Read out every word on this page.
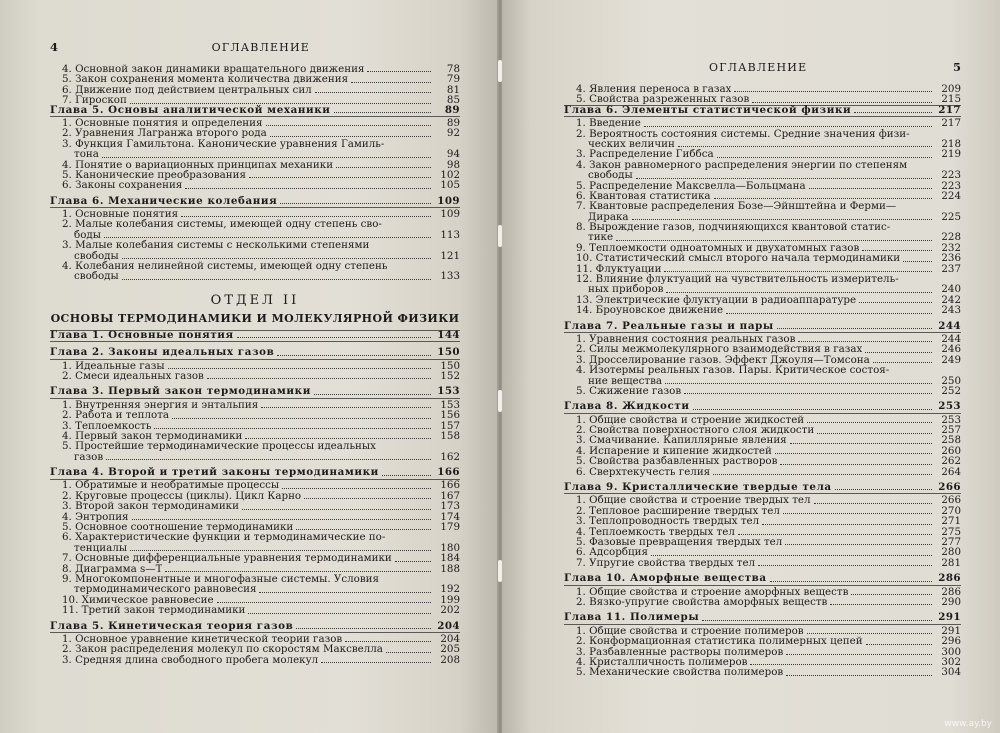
4	ОГЛАВЛЕНИЕ
4. Основной закон динамики вращательного движения	78
5. Закон сохранения момента количества движения	79
6. Движение под действием центральных сил	81
7. Гироскоп	85
Глава 5. Основы аналитической механики	89
1. Основные понятия и определения	89
2. Уравнения Лагранжа второго рода	92
3. Функция Гамильтона. Канонические уравнения Гамиль-
тона	94
4. Понятие о вариационных принципах механики	98
5. Канонические преобразования	102
6. Законы сохранения	105
Глава 6. Механические колебания	109
1. Основные понятия	109
2. Малые колебания системы, имеющей одну степень сво-
боды	113
3. Малые колебания системы с несколькими степенями
свободы	121
4. Колебания нелинейной системы, имеющей одну степень
свободы	133
ОТДЕЛ II
ОСНОВЫ ТЕРМОДИНАМИКИ И МОЛЕКУЛЯРНОЙ ФИЗИКИ
Глава 1. Основные понятия	144
Глава 2. Законы идеальных газов	150
1. Идеальные газы	150
2. Смеси идеальных газов	152
Глава 3. Первый закон термодинамики	153
1. Внутренняя энергия и энтальпия	153
2. Работа и теплота	156
3. Теплоемкость	157
4. Первый закон термодинамики	158
5. Простейшие термодинамические процессы идеальных
газов	162
Глава 4. Второй и третий законы термодинамики	166
1. Обратимые и необратимые процессы	166
2. Круговые процессы (циклы). Цикл Карно	167
3. Второй закон термодинамики	173
4. Энтропия	174
5. Основное соотношение термодинамики	179
6. Характеристические функции и термодинамические по-
тенциалы	180
7. Основные дифференциальные уравнения термодинамики	184
8. Диаграмма s—T	188
9. Многокомпонентные и многофазные системы. Условия
термодинамического равновесия	192
10. Химическое равновесие	199
11. Третий закон термодинамики	202
Глава 5. Кинетическая теория газов	204
1. Основное уравнение кинетической теории газов	204
2. Закон распределения молекул по скоростям Максвелла	205
3. Средняя длина свободного пробега молекул	208
ОГЛАВЛЕНИЕ	5
4. Явления переноса в газах	209
5. Свойства разреженных газов	215
Глава 6. Элементы статистической физики	217
1. Введение	217
2. Вероятность состояния системы. Средние значения физи-
ческих величин	218
3. Распределение Гиббса	219
4. Закон равномерного распределения энергии по степеням
свободы	223
5. Распределение Максвелла—Больцмана	223
6. Квантовая статистика	224
7. Квантовые распределения Бозе—Эйнштейна и Ферми—
Дирака	225
8. Вырождение газов, подчиняющихся квантовой статис-
тике	228
9. Теплоемкости одноатомных и двухатомных газов	232
10. Статистический смысл второго начала термодинамики	236
11. Флуктуации	237
12. Влияние флуктуаций на чувствительность измеритель-
ных приборов	240
13. Электрические флуктуации в радиоаппаратуре	242
14. Броуновское движение	243
Глава 7. Реальные газы и пары	244
1. Уравнения состояния реальных газов	244
2. Силы межмолекулярного взаимодействия в газах	246
3. Дросселирование газов. Эффект Джоуля—Томсона	249
4. Изотермы реальных газов. Пары. Критическое состоя-
ние вещества	250
5. Сжижение газов	252
Глава 8. Жидкости	253
1. Общие свойства и строение жидкостей	253
2. Свойства поверхностного слоя жидкости	257
3. Смачивание. Капиллярные явления	258
4. Испарение и кипение жидкостей	260
5. Свойства разбавленных растворов	262
6. Сверхтекучесть гелия	264
Глава 9. Кристаллические твердые тела	266
1. Общие свойства и строение твердых тел	266
2. Тепловое расширение твердых тел	270
3. Теплопроводность твердых тел	271
4. Теплоемкость твердых тел	275
5. Фазовые превращения твердых тел	277
6. Адсорбция	280
7. Упругие свойства твердых тел	281
Глава 10. Аморфные вещества	286
1. Общие свойства и строение аморфных веществ	286
2. Вязко-упругие свойства аморфных веществ	290
Глава 11. Полимеры	291
1. Общие свойства и строение полимеров	291
2. Конформационная статистика полимерных цепей	296
3. Разбавленные растворы полимеров	300
4. Кристалличность полимеров	302
5. Механические свойства полимеров	304
www.ay.by
